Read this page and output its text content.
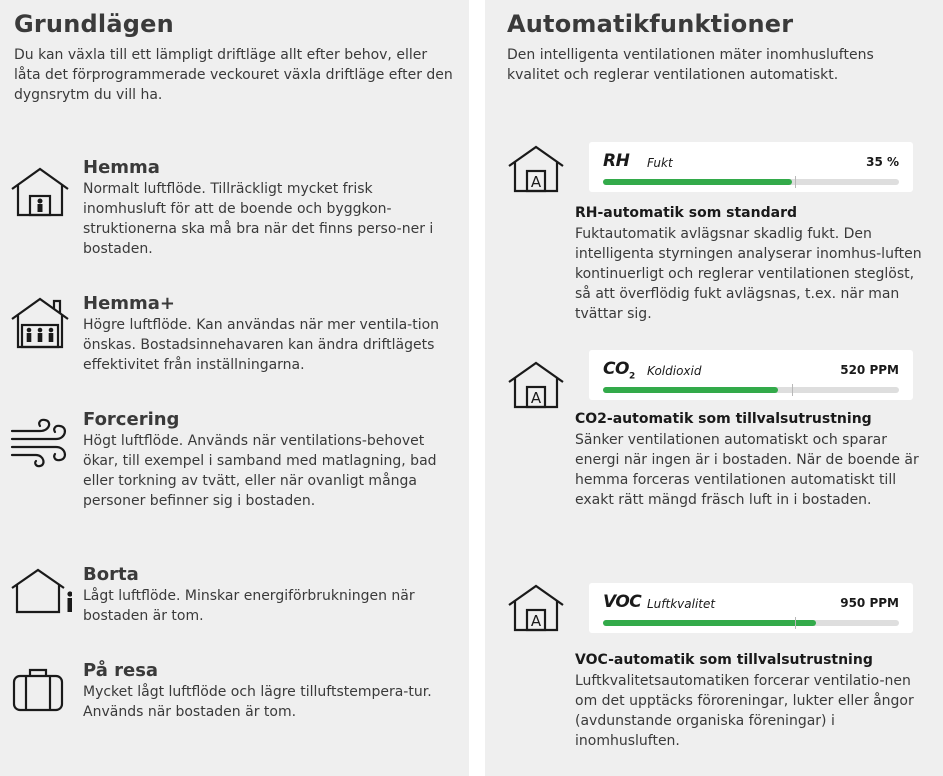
Grundlägen

Du kan växla till ett lämpligt driftläge allt efter behov, eller låta det förprogrammerade veckouret växla driftläge efter den dygnsrytm du vill ha.

Hemma
Normalt luftflöde. Tillräckligt mycket frisk inomhusluft för att de boende och byggkon-struktionerna ska må bra när det finns perso-ner i bostaden.
Hemma+
Högre luftflöde. Kan användas när mer ventila-tion önskas. Bostadsinnehavaren kan ändra driftlägets effektivitet från inställningarna.
Forcering
Högt luftflöde. Används när ventilations-behovet ökar, till exempel i samband med matlagning, bad eller torkning av tvätt, eller när ovanligt många personer befinner sig i bostaden.
Borta
Lågt luftflöde. Minskar energiförbrukningen när bostaden är tom.
På resa
Mycket lågt luftflöde och lägre tilluftstempera-tur. Används när bostaden är tom.
Automatikfunktioner

Den intelligenta ventilationen mäter inomhusluftens kvalitet och reglerar ventilationen automatiskt.

A
RH Fukt	35 %
RH-automatik som standard
Fuktautomatik avlägsnar skadlig fukt. Den intelligenta styrningen analyserar inomhus-luften kontinuerligt och reglerar ventilationen steglöst, så att överflödig fukt avlägsnas, t.ex. när man tvättar sig.
A
$CO_2$ Koldioxid	520 PPM
CO2-automatik som tillvalsutrustning
Sänker ventilationen automatiskt och sparar energi när ingen är i bostaden. När de boende är hemma forceras ventilationen automatiskt till exakt rätt mängd fräsch luft in i bostaden.
A
VOC Luftkvalitet	950 PPM
VOC-automatik som tillvalsutrustning
Luftkvalitetsautomatiken forcerar ventilatio-nen om det upptäcks föroreningar, lukter eller ångor (avdunstande organiska föreningar) i inomhusluften.
